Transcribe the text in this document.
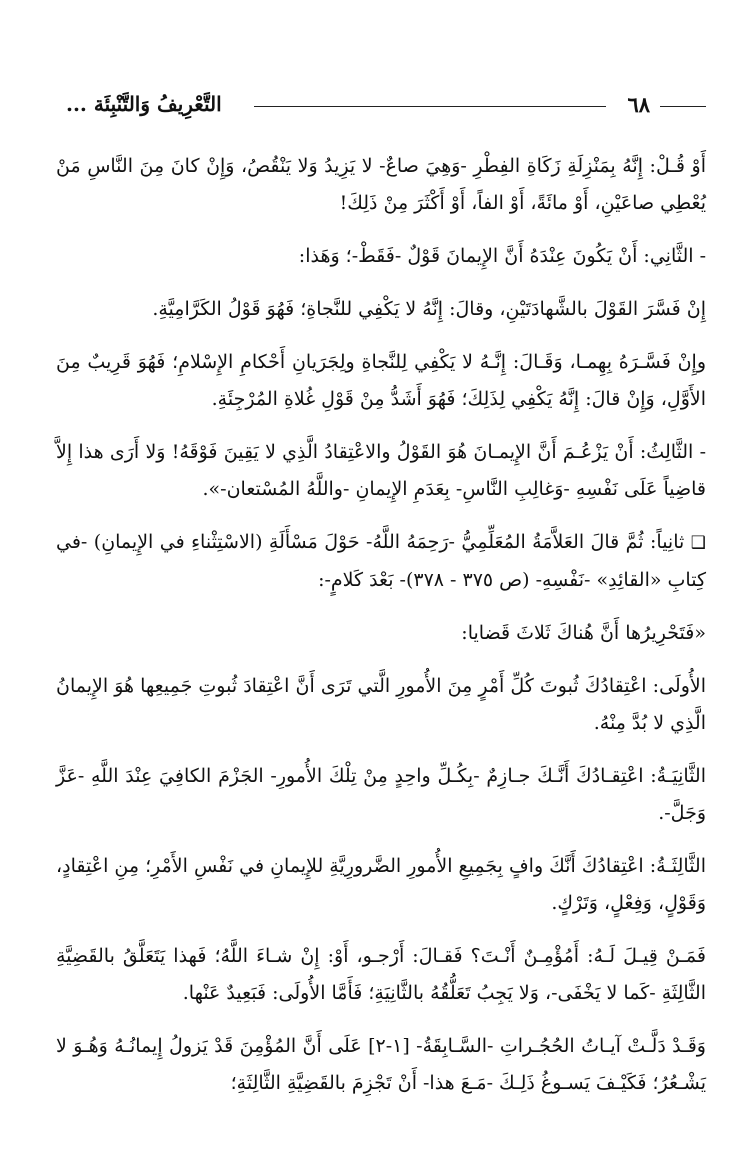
٦٨
التَّعْرِيفُ وَالتَّنْبِئَة ...

أَوْ قُـلْ: إِنَّهُ بِمَنْزِلَةِ زَكَاةِ الفِطْرِ -وَهِيَ صاعٌ- لا يَزِيدُ وَلا يَنْقُصُ، وَإِنْ كانَ مِنَ النَّاسِ مَنْ يُعْطِي صاعَيْنِ، أَوْ مائَةً، أَوْ الفاً، أَوْ أَكْثَرَ مِنْ ذَلِكَ!

- الثَّانِي: أَنْ يَكُونَ عِنْدَهُ أَنَّ الإِيمانَ قَوْلٌ -فَقَطْ-؛ وَهَذا:

إِنْ فَسَّرَ القَوْلَ بالشَّهادَتَيْنِ، وقالَ: إِنَّهُ لا يَكْفِي للنَّجاةِ؛ فَهُوَ قَوْلُ الكَرَّامِيَّةِ.

وإِنْ فَسَّـرَهُ بِهِمـا، وَقَـالَ: إِنَّـهُ لا يَكْفِي لِلنَّجاةِ ولِجَرَيانِ أَحْكامِ الإِسْلامِ؛ فَهُوَ قَرِيبٌ مِنَ الأَوَّلِ، وَإِنْ قالَ: إِنَّهُ يَكْفِي لِذَلِكَ؛ فَهُوَ أَشَدُّ مِنْ قَوْلِ غُلاةِ المُرْجِئَةِ.

- الثَّالِثُ: أَنْ يَزْعُـمَ أَنَّ الإِيمـانَ هُوَ القَوْلُ والاعْتِقادُ الَّذِي لا يَقِينَ فَوْقَهُ! وَلا أَرَى هذا إِلاَّ قاضِياً عَلَى نَفْسِهِ -وَغالِبِ النَّاسِ- بِعَدَمِ الإِيمانِ -واللَّهُ المُسْتعان-».

❑ ثانِياً: ثُمَّ قالَ العَلاَّمَةُ المُعَلِّمِيُّ -رَحِمَهُ اللَّهُ- حَوْلَ مَسْأَلَةِ (الاسْتِثْناءِ في الإِيمانِ) -في كِتابِ «القائِدِ» -نَفْسِهِ- (ص ٣٧٥ - ٣٧٨)- بَعْدَ كَلامٍ-:

«فَتَحْرِيرُها أَنَّ هُناكَ ثَلاثَ قَضايا:

الأُولَى: اعْتِقادُكَ ثُبوتَ كُلِّ أَمْرٍ مِنَ الأُمورِ الَّتي تَرَى أَنَّ اعْتِقادَ ثُبوتِ جَمِيعِها هُوَ الإِيمانُ الَّذِي لا بُدَّ مِنْهُ.

الثَّانِيَـةُ: اعْتِقـادُكَ أَنَّـكَ جـازِمٌ -بِكُـلِّ واحِدٍ مِنْ تِلْكَ الأُمورِ- الجَزْمَ الكافِيَ عِنْدَ اللَّهِ -عَزَّ وَجَلَّ-.

الثَّالِثَـةُ: اعْتِقادُكَ أَنَّكَ وافٍ بِجَمِيعِ الأُمورِ الضَّرورِيَّةِ للإِيمانِ في نَفْسِ الأَمْرِ؛ مِنِ اعْتِقادٍ، وَقَوْلٍ، وَفِعْلٍ، وَتَرْكٍ.

فَمَـنْ قِيـلَ لَـهُ: أَمُؤْمِـنٌ أَنْـتَ؟ فَقـالَ: أَرْجـو، أَوْ: إِنْ شـاءَ اللَّهُ؛ فَهذا يَتَعَلَّقُ بالقَضِيَّةِ الثَّالِثَةِ -كَما لا يَخْفَى-، وَلا يَجِبُ تَعَلُّقُهُ بالثَّانِيَةِ؛ فَأَمَّا الأُولَى: فَبَعِيدٌ عَنْها.

وَقَـدْ دَلَّـتْ آيـاتُ الحُجُـراتِ -السَّـابِقَةُ- [١-٢] عَلَى أَنَّ المُؤْمِنَ قَدْ يَزولُ إِيمانُـهُ وَهُـوَ لا يَشْـعُرُ؛ فَكَيْـفَ يَسـوغُ ذَلِـكَ -مَـعَ هذا- أَنْ تَجْزِمَ بالقَضِيَّةِ الثَّالِثَةِ؛
